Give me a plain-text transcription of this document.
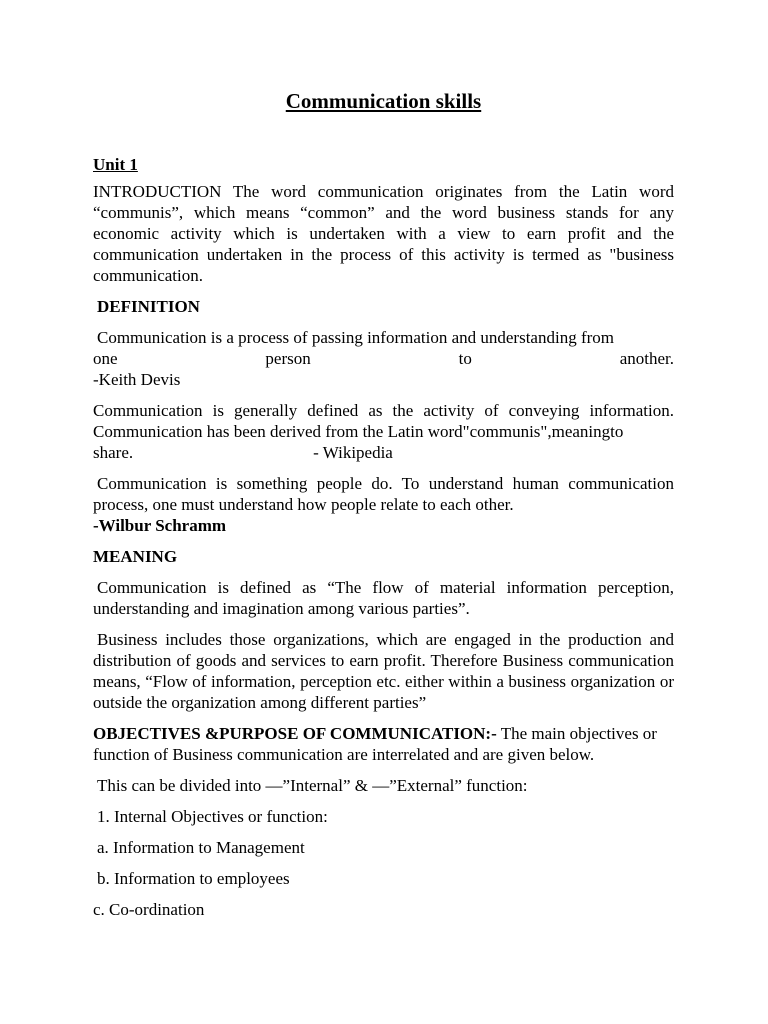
Communication skills

Unit 1

INTRODUCTION The word communication originates from the Latin word “communis”, which means “common” and the word business stands for any economic activity which is undertaken with a view to earn profit and the communication undertaken in the process of this activity is termed as "business communication.

DEFINITION

Communication is a process of passing information and understanding from
one	person	to	another.
-Keith Devis

Communication is generally defined as the activity of conveying information. Communication has been derived from the Latin word"communis",meaningto
share.	- Wikipedia

Communication is something people do. To understand human communication process, one must understand how people relate to each other.
-Wilbur Schramm

MEANING

Communication is defined as “The flow of material information perception, understanding and imagination among various parties”.

Business includes those organizations, which are engaged in the production and distribution of goods and services to earn profit. Therefore Business communication means, “Flow of information, perception etc. either within a business organization or outside the organization among different parties”

OBJECTIVES &PURPOSE OF COMMUNICATION:- The main objectives or function of Business communication are interrelated and are given below.

This can be divided into —”Internal” & —”External” function:

1. Internal Objectives or function:

a. Information to Management

b. Information to employees

c. Co-ordination
